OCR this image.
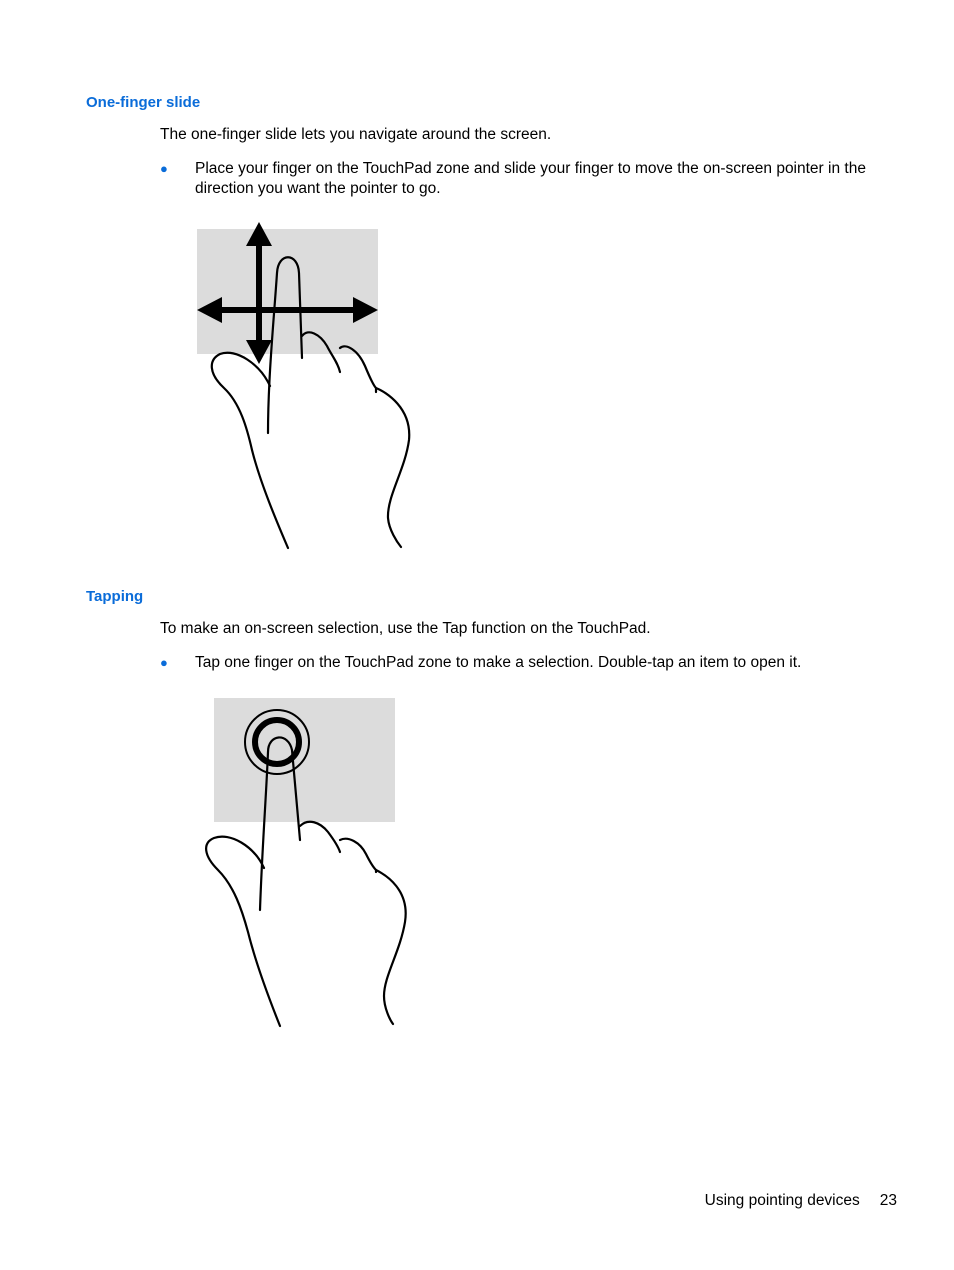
One-finger slide

The one-finger slide lets you navigate around the screen.

● Place your finger on the TouchPad zone and slide your finger to move the on-screen pointer in the direction you want the pointer to go.
Tapping

To make an on-screen selection, use the Tap function on the TouchPad.

● Tap one finger on the TouchPad zone to make a selection. Double-tap an item to open it.
Using pointing devices 23
